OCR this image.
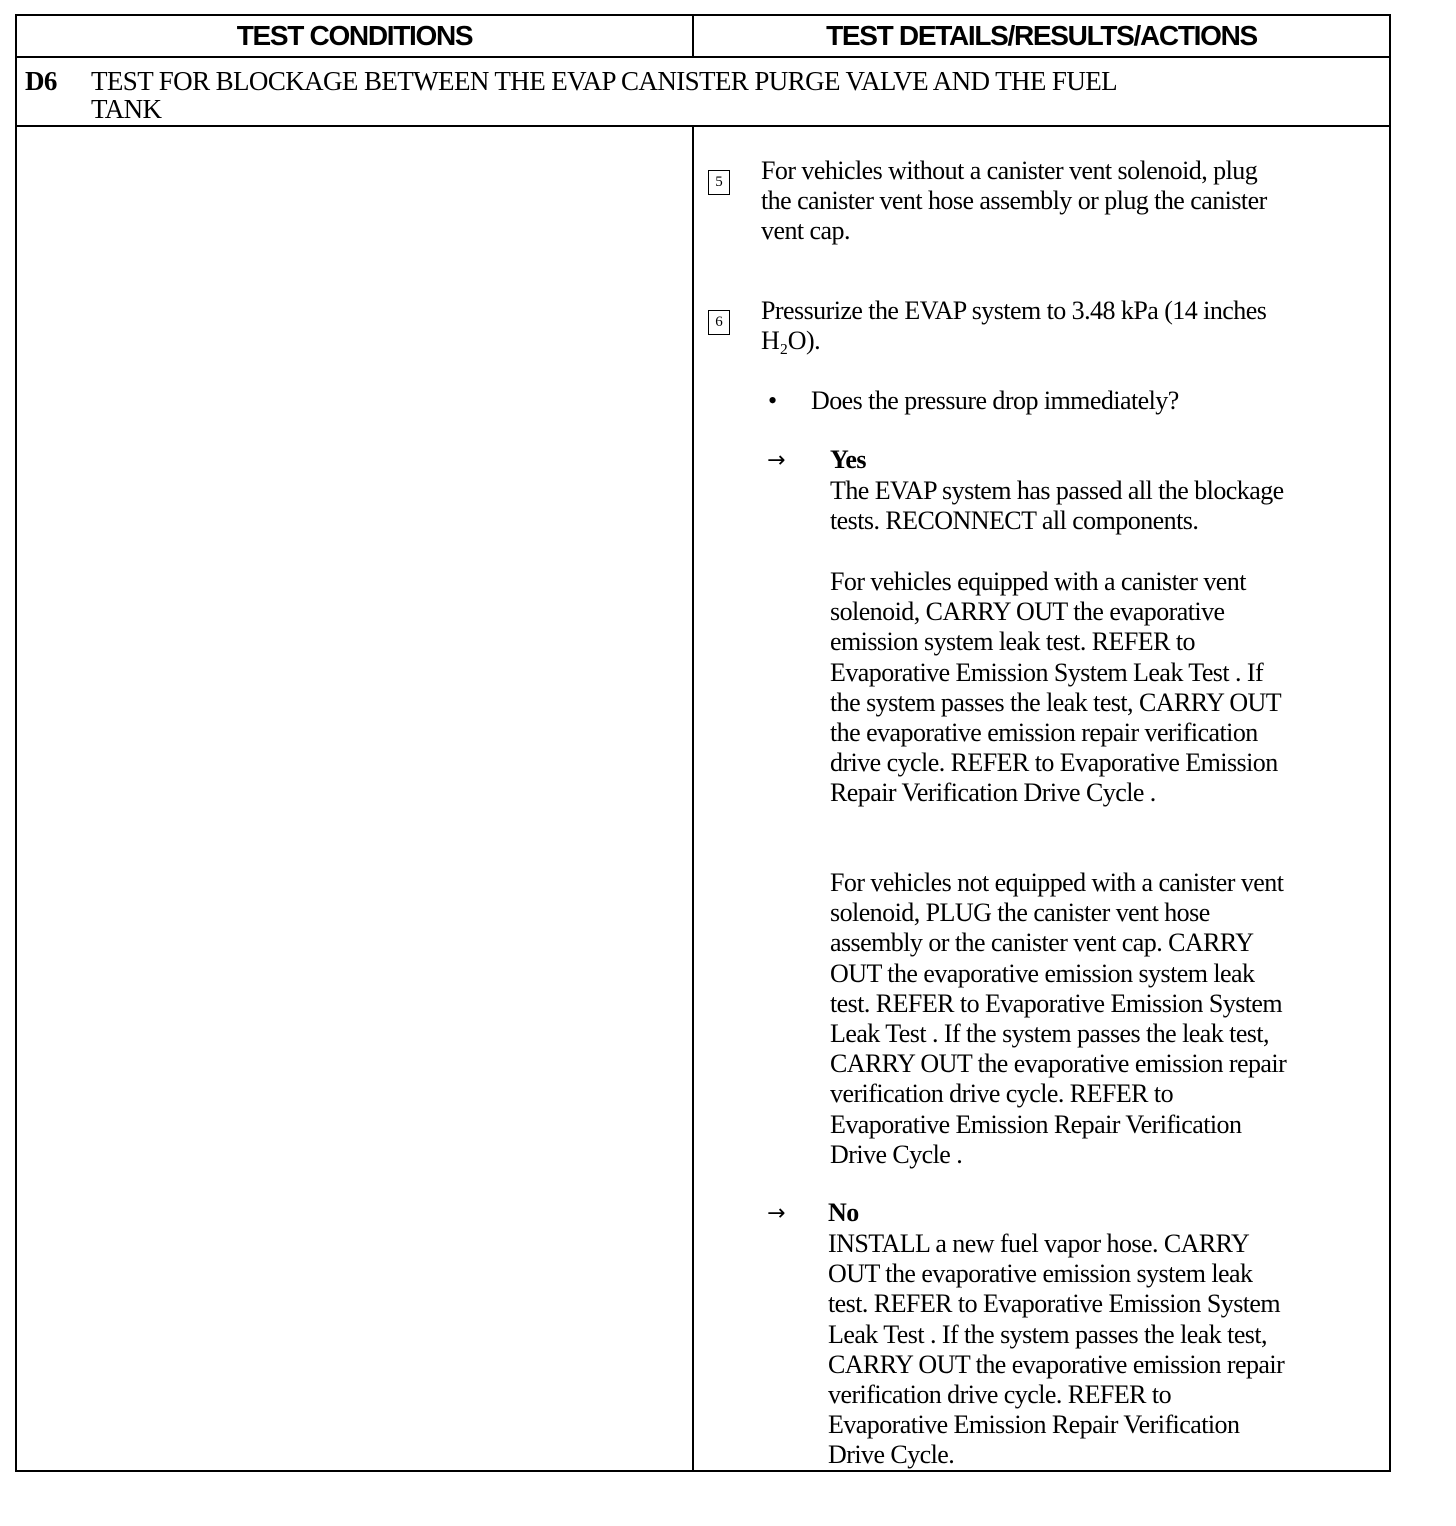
TEST CONDITIONS	TEST DETAILS/RESULTS/ACTIONS
D6 TEST FOR BLOCKAGE BETWEEN THE EVAP CANISTER PURGE VALVE AND THE FUEL
TANK
5 For vehicles without a canister vent solenoid, plug
the canister vent hose assembly or plug the canister
vent cap.
6 Pressurize the EVAP system to 3.48 kPa (14 inches
H₂O).
• Does the pressure drop immediately?
→ Yes
The EVAP system has passed all the blockage
tests. RECONNECT all components.
For vehicles equipped with a canister vent
solenoid, CARRY OUT the evaporative
emission system leak test. REFER to
Evaporative Emission System Leak Test . If
the system passes the leak test, CARRY OUT
the evaporative emission repair verification
drive cycle. REFER to Evaporative Emission
Repair Verification Drive Cycle .
For vehicles not equipped with a canister vent
solenoid, PLUG the canister vent hose
assembly or the canister vent cap. CARRY
OUT the evaporative emission system leak
test. REFER to Evaporative Emission System
Leak Test . If the system passes the leak test,
CARRY OUT the evaporative emission repair
verification drive cycle. REFER to
Evaporative Emission Repair Verification
Drive Cycle .
→ No
INSTALL a new fuel vapor hose. CARRY
OUT the evaporative emission system leak
test. REFER to Evaporative Emission System
Leak Test . If the system passes the leak test,
CARRY OUT the evaporative emission repair
verification drive cycle. REFER to
Evaporative Emission Repair Verification
Drive Cycle.
